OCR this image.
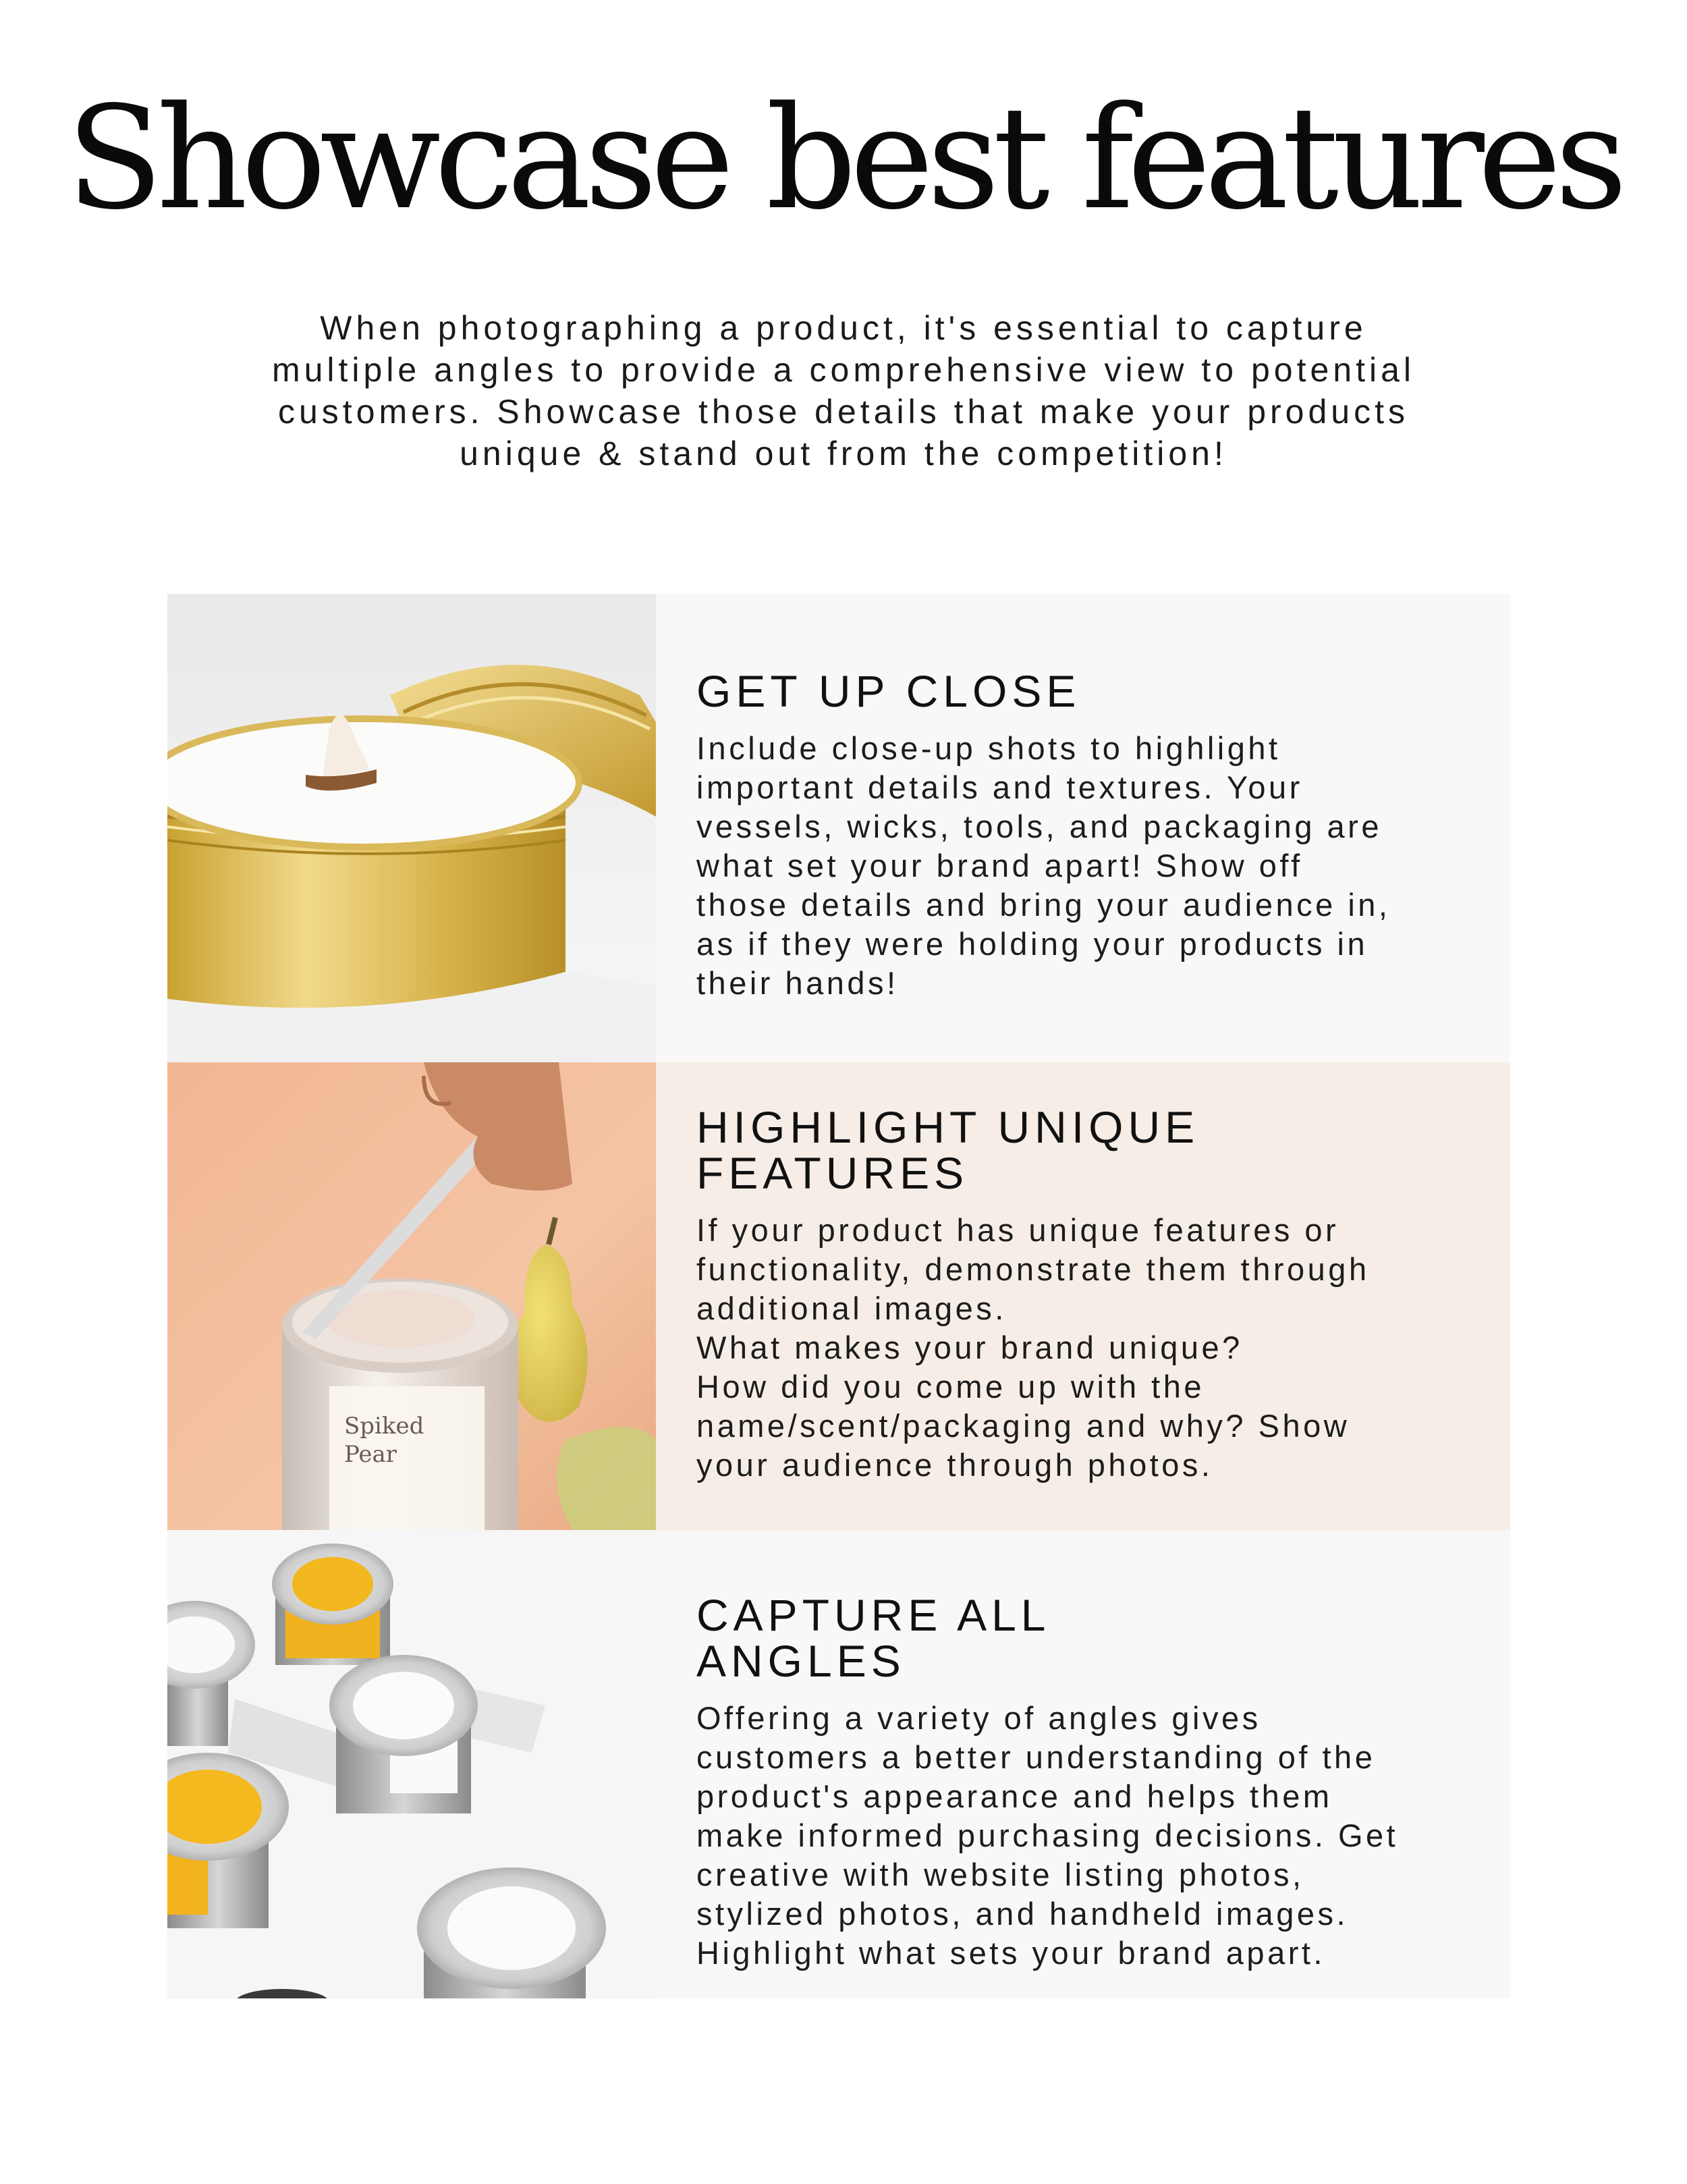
Showcase best features
When photographing a product, it's essential to capture
multiple angles to provide a comprehensive view to potential
customers. Showcase those details that make your products
unique & stand out from the competition!
GET UP CLOSE

Include close-up shots to highlight
important details and textures. Your
vessels, wicks, tools, and packaging are
what set your brand apart! Show off
those details and bring your audience in,
as if they were holding your products in
their hands!

Spiked
Pear
HIGHLIGHT UNIQUE FEATURES

If your product has unique features or
functionality, demonstrate them through
additional images.
What makes your brand unique?
How did you come up with the
name/scent/packaging and why? Show
your audience through photos.

CAPTURE ALL ANGLES

Offering a variety of angles gives
customers a better understanding of the
product's appearance and helps them
make informed purchasing decisions. Get
creative with website listing photos,
stylized photos, and handheld images.
Highlight what sets your brand apart.
